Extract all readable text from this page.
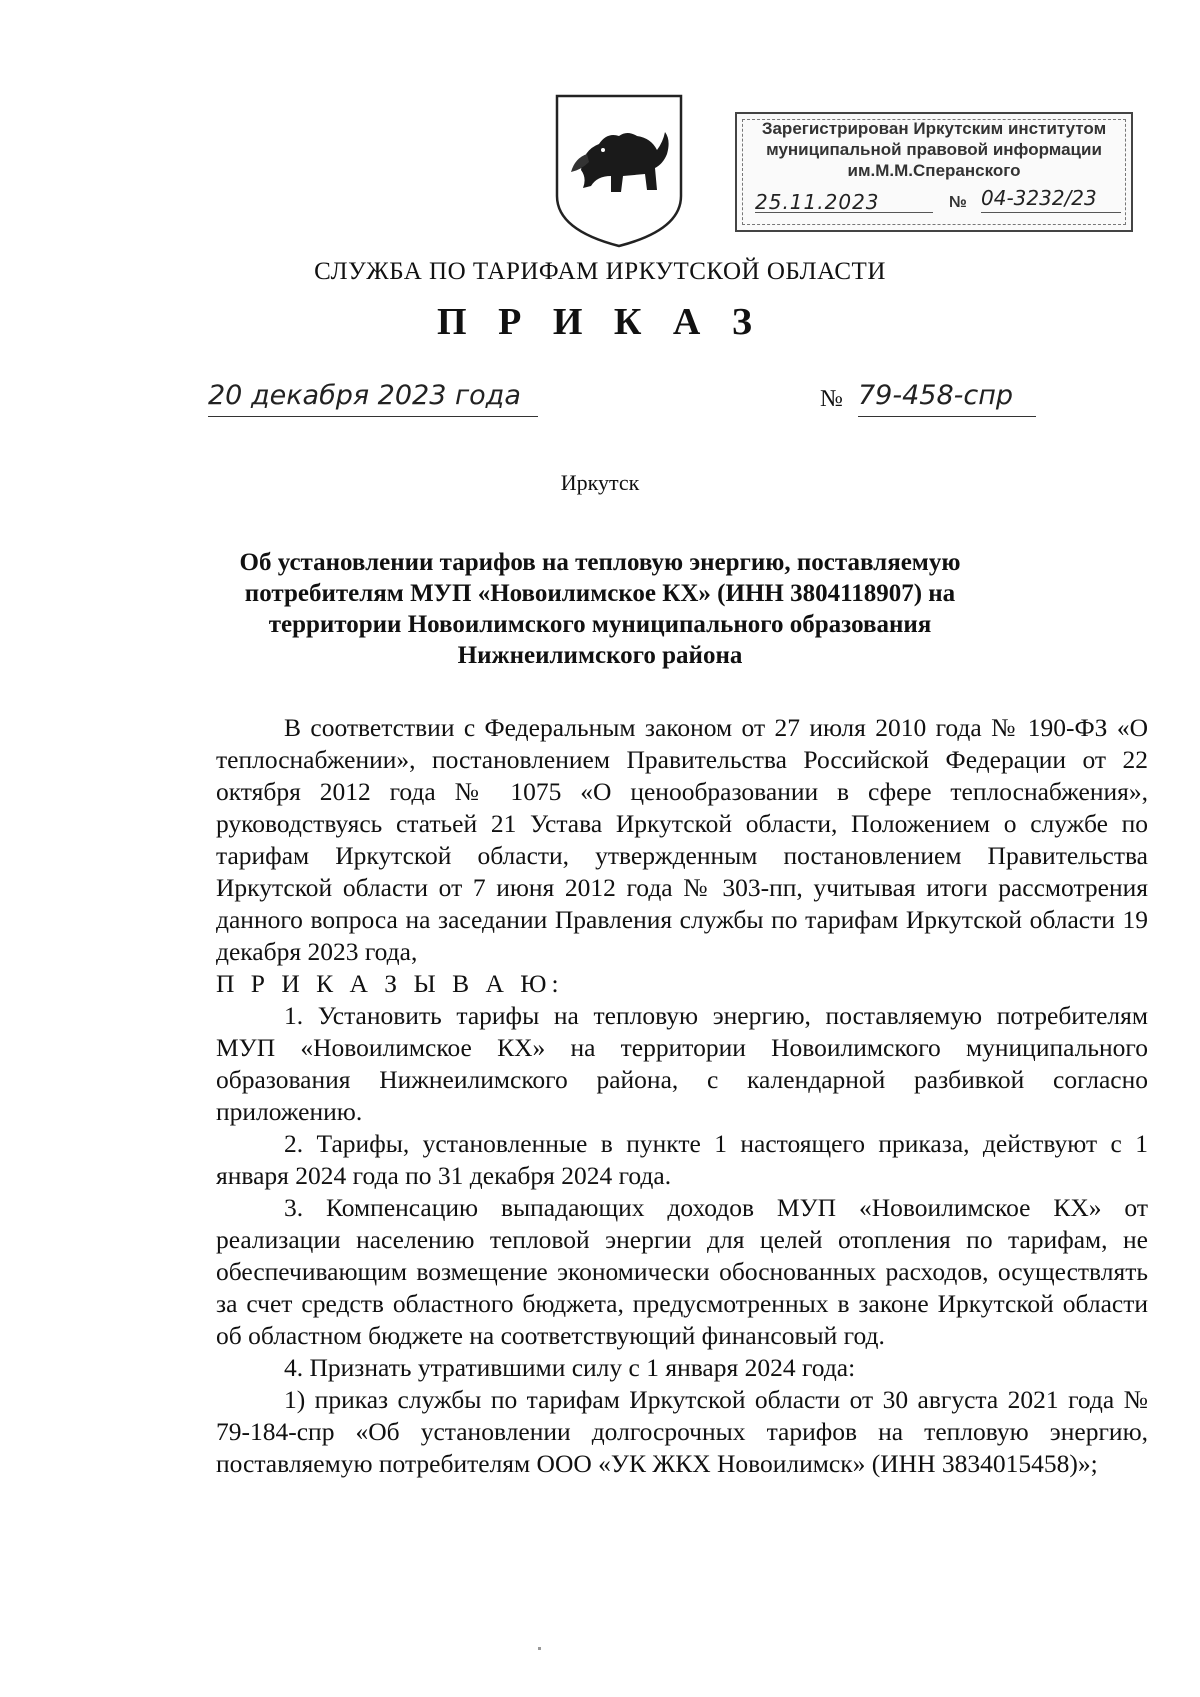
Зарегистрирован Иркутским институтом
муниципальной правовой информации
им.М.М.Сперанского
25.11.2023	№ 04-3232/23
СЛУЖБА ПО ТАРИФАМ ИРКУТСКОЙ ОБЛАСТИ
П Р И К А З
20 декабря 2023 года	№ 79-458-спр
Иркутск
Об установлении тарифов на тепловую энергию, поставляемую
потребителям МУП «Новоилимское КХ» (ИНН 3804118907) на
территории Новоилимского муниципального образования
Нижнеилимского района

В соответствии с Федеральным законом от 27 июля 2010 года № 190-ФЗ «О теплоснабжении», постановлением Правительства Российской Федерации от 22 октября 2012 года № 1075 «О ценообразовании в сфере теплоснабжения», руководствуясь статьей 21 Устава Иркутской области, Положением о службе по тарифам Иркутской области, утвержденным постановлением Правительства Иркутской области от 7 июня 2012 года № 303-пп, учитывая итоги рассмотрения данного вопроса на заседании Правления службы по тарифам Иркутской области 19 декабря 2023 года,

П Р И К А З Ы В А Ю:

1. Установить тарифы на тепловую энергию, поставляемую потребителям МУП «Новоилимское КХ» на территории Новоилимского муниципального образования Нижнеилимского района, с календарной разбивкой согласно приложению.

2. Тарифы, установленные в пункте 1 настоящего приказа, действуют с 1 января 2024 года по 31 декабря 2024 года.

3. Компенсацию выпадающих доходов МУП «Новоилимское КХ» от реализации населению тепловой энергии для целей отопления по тарифам, не обеспечивающим возмещение экономически обоснованных расходов, осуществлять за счет средств областного бюджета, предусмотренных в законе Иркутской области об областном бюджете на соответствующий финансовый год.

4. Признать утратившими силу с 1 января 2024 года:

1) приказ службы по тарифам Иркутской области от 30 августа 2021 года № 79-184-спр «Об установлении долгосрочных тарифов на тепловую энергию, поставляемую потребителям ООО «УК ЖКХ Новоилимск» (ИНН 3834015458)»;
